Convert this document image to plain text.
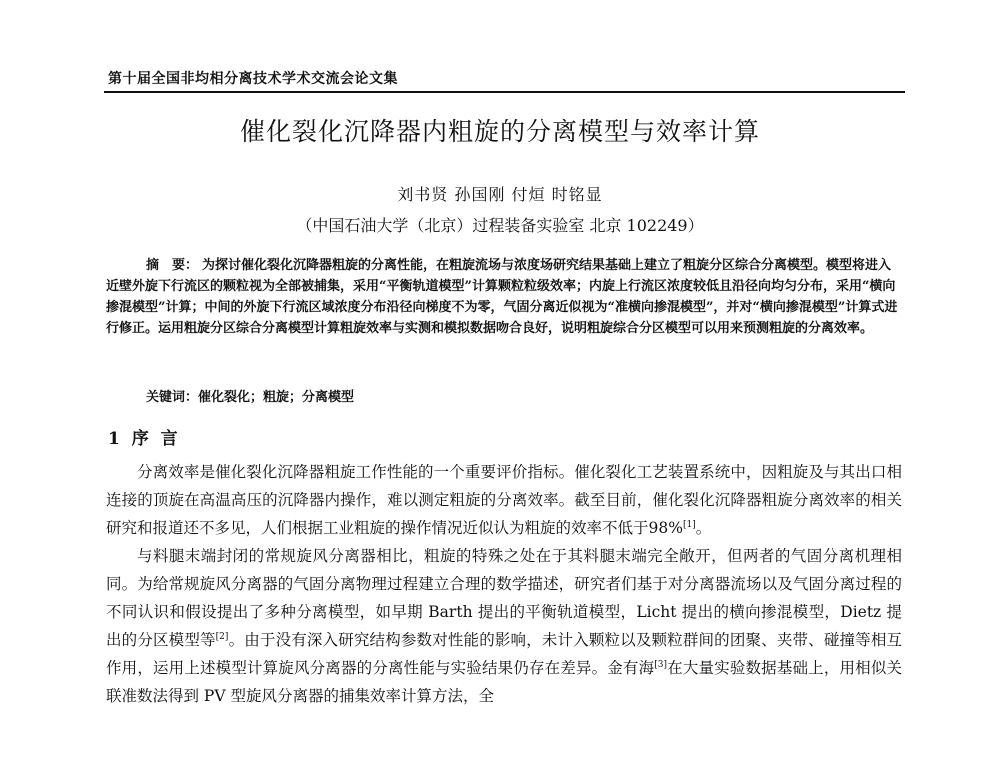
第十届全国非均相分离技术学术交流会论文集
催化裂化沉降器内粗旋的分离模型与效率计算
刘书贤 孙国刚 付烜 时铭显
（中国石油大学（北京）过程装备实验室 北京 102249）
摘　要： 为探讨催化裂化沉降器粗旋的分离性能，在粗旋流场与浓度场研究结果基础上建立了粗旋分区综合分离模型。模型将进入近壁外旋下行流区的颗粒视为全部被捕集，采用“平衡轨道模型”计算颗粒粒级效率；内旋上行流区浓度较低且沿径向均匀分布，采用“横向掺混模型”计算；中间的外旋下行流区域浓度分布沿径向梯度不为零，气固分离近似视为“准横向掺混模型”，并对“横向掺混模型”计算式进行修正。运用粗旋分区综合分离模型计算粗旋效率与实测和模拟数据吻合良好，说明粗旋综合分区模型可以用来预测粗旋的分离效率。
关键词：催化裂化；粗旋；分离模型
1 序 言

分离效率是催化裂化沉降器粗旋工作性能的一个重要评价指标。催化裂化工艺装置系统中，因粗旋及与其出口相连接的顶旋在高温高压的沉降器内操作，难以测定粗旋的分离效率。截至目前，催化裂化沉降器粗旋分离效率的相关研究和报道还不多见，人们根据工业粗旋的操作情况近似认为粗旋的效率不低于98%[1]。

与料腿末端封闭的常规旋风分离器相比，粗旋的特殊之处在于其料腿末端完全敞开，但两者的气固分离机理相同。为给常规旋风分离器的气固分离物理过程建立合理的数学描述，研究者们基于对分离器流场以及气固分离过程的不同认识和假设提出了多种分离模型，如早期 Barth 提出的平衡轨道模型，Licht 提出的横向掺混模型，Dietz 提出的分区模型等[2]。由于没有深入研究结构参数对性能的影响，未计入颗粒以及颗粒群间的团聚、夹带、碰撞等相互作用，运用上述模型计算旋风分离器的分离性能与实验结果仍存在差异。金有海[3]在大量实验数据基础上，用相似关联准数法得到 PV 型旋风分离器的捕集效率计算方法，全
